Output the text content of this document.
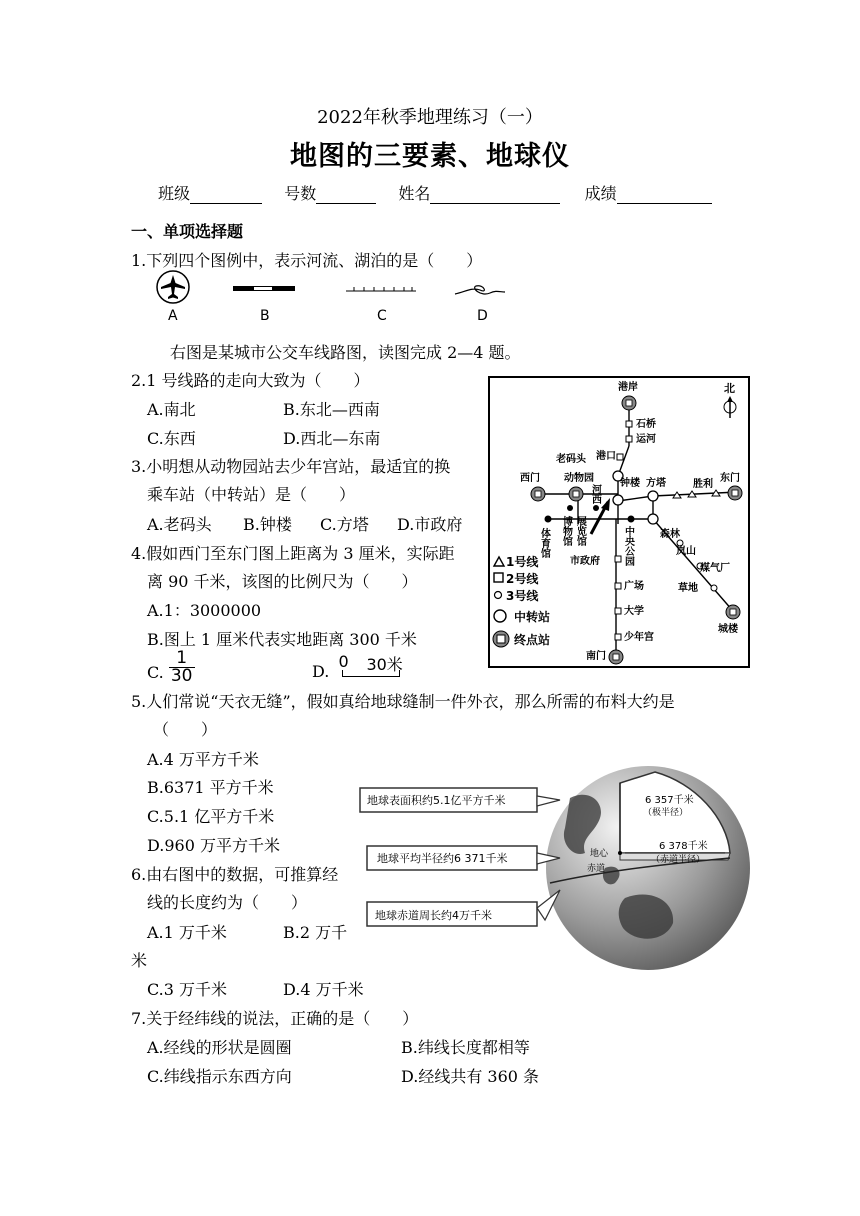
2022年秋季地理练习（一）
地图的三要素、地球仪
班级	号数	姓名	成绩
一、单项选择题
1.下列四个图例中，表示河流、湖泊的是（　　）
A	B	C	D
右图是某城市公交车线路图，读图完成 2—4 题。
2.1 号线路的走向大致为（　　）
A.南北	B.东北—西南
C.东西	D.西北—东南
3.小明想从动物园站去少年宫站，最适宜的换
乘车站（中转站）是（　　）
A.老码头 B.钟楼 C.方塔 D.市政府
4.假如西门至东门图上距离为 3 厘米，实际距
离 90 千米，该图的比例尺为（　　）
A.1：3000000
B.图上 1 厘米代表实地距离 300 千米
C. $\frac{1}{30}$	D.
0 30米
北
港岸
石桥
运河
港口
老码头
动物园
西门	钟楼 方塔	胜利
东门
森林
岚山
煤气厂
草地
城楼
广场
大学
少年宫
南门
市政府
体育馆 博物馆 展览馆
河西
中央公园
1号线
2号线
3号线
中转站
终点站
5.人们常说“天衣无缝”，假如真给地球缝制一件外衣，那么所需的布料大约是
（　　）
A.4 万平方千米
B.6371 平方千米
C.5.1 亿平方千米
D.960 万平方千米
赤道
6 357千米
（极半径）
6 378千米
（赤道半径）
地心
地球表面积约5.1亿平方千米
地球平均半径约6 371千米
地球赤道周长约4万千米
6.由右图中的数据，可推算经
线的长度约为（　　）
A.1 万千米	B.2 万千
米
C.3 万千米	D.4 万千米
7.关于经纬线的说法，正确的是（　　）
A.经线的形状是圆圈	B.纬线长度都相等
C.纬线指示东西方向	D.经线共有 360 条
